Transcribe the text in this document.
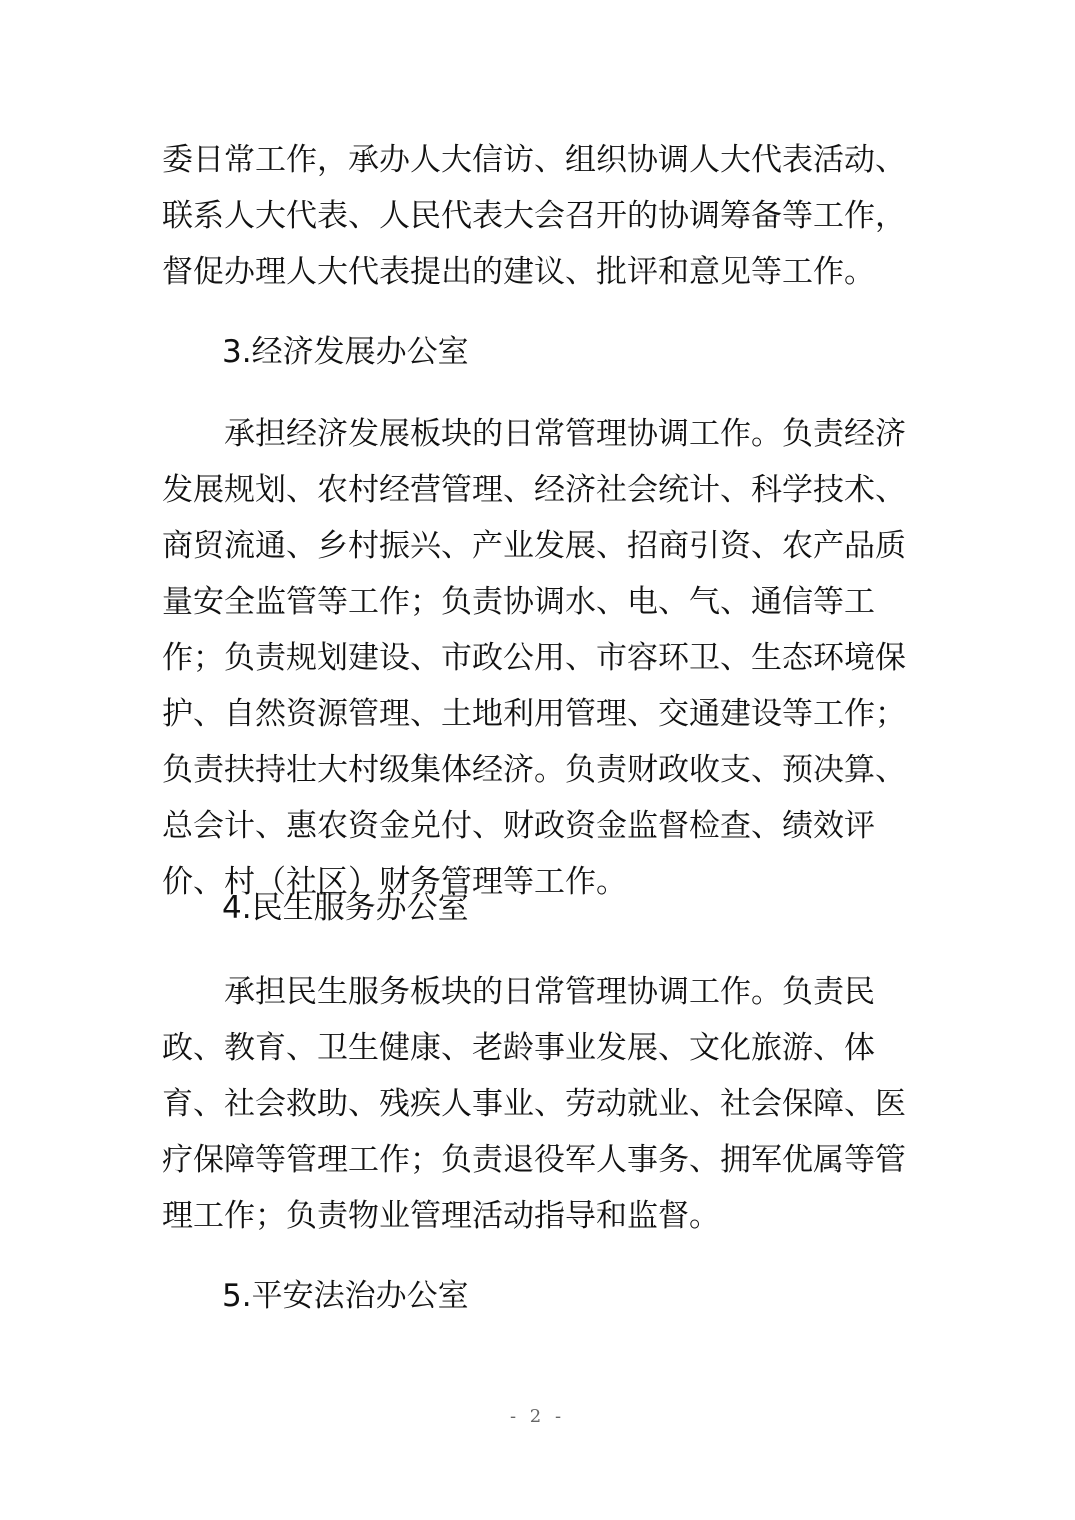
委日常工作，承办人大信访、组织协调人大代表活动、联系人大代表、人民代表大会召开的协调筹备等工作，督促办理人大代表提出的建议、批评和意见等工作。

3.经济发展办公室

承担经济发展板块的日常管理协调工作。负责经济发展规划、农村经营管理、经济社会统计、科学技术、商贸流通、乡村振兴、产业发展、招商引资、农产品质量安全监管等工作；负责协调水、电、气、通信等工作；负责规划建设、市政公用、市容环卫、生态环境保护、自然资源管理、土地利用管理、交通建设等工作；负责扶持壮大村级集体经济。负责财政收支、预决算、总会计、惠农资金兑付、财政资金监督检查、绩效评价、村（社区）财务管理等工作。

4.民生服务办公室

承担民生服务板块的日常管理协调工作。负责民政、教育、卫生健康、老龄事业发展、文化旅游、体育、社会救助、残疾人事业、劳动就业、社会保障、医疗保障等管理工作；负责退役军人事务、拥军优属等管理工作；负责物业管理活动指导和监督。

5.平安法治办公室

- 2 -
